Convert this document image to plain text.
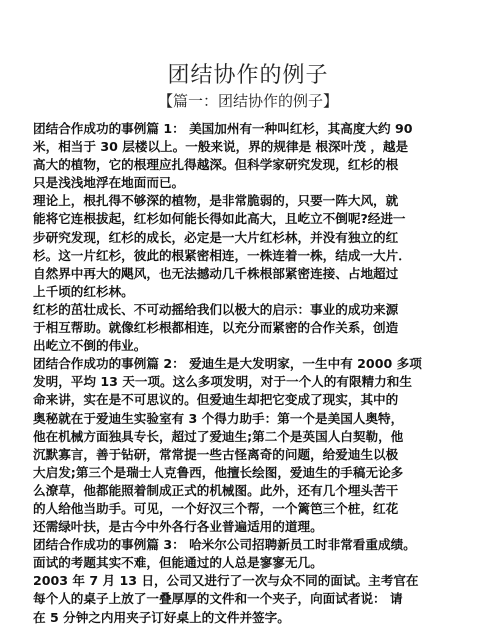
团结协作的例子
【篇一：团结协作的例子】
团结合作成功的事例篇 1： 美国加州有一种叫红杉，其高度大约 90
米，相当于 30 层楼以上。一般来说，界的规律是 根深叶茂 ，越是
高大的植物，它的根理应扎得越深。但科学家研究发现，红杉的根
只是浅浅地浮在地面而已。
理论上，根扎得不够深的植物，是非常脆弱的，只要一阵大风，就
能将它连根拔起，红杉如何能长得如此高大，且屹立不倒呢?经进一
步研究发现，红杉的成长，必定是一大片红杉林，并没有独立的红
杉。这一片红杉，彼此的根紧密相连，一株连着一株，结成一大片．
自然界中再大的飓风，也无法撼动几千株根部紧密连接、占地超过
上千顷的红杉林。
红杉的茁壮成长、不可动摇给我们以极大的启示：事业的成功来源
于相互帮助。就像红杉根都相连，以充分而紧密的合作关系，创造
出屹立不倒的伟业。
团结合作成功的事例篇 2： 爱迪生是大发明家，一生中有 2000 多项
发明，平均 13 天一项。这么多项发明，对于一个人的有限精力和生
命来讲，实在是不可思议的。但爱迪生却把它变成了现实，其中的
奥秘就在于爱迪生实验室有 3 个得力助手：第一个是美国人奥特，
他在机械方面独具专长，超过了爱迪生;第二个是英国人白契勒，他
沉默寡言，善于钻研，常常提一些古怪离奇的问题，给爱迪生以极
大启发;第三个是瑞士人克鲁西，他擅长绘图，爱迪生的手稿无论多
么潦草，他都能照着制成正式的机械图。此外，还有几个埋头苦干
的人给他当助手。可见，一个好汉三个帮，一个篱笆三个桩，红花
还需绿叶扶，是古今中外各行各业普遍适用的道理。
团结合作成功的事例篇 3： 哈米尔公司招聘新员工时非常看重成绩。
面试的考题其实不难，但能通过的人总是寥寥无几。
2003 年 7 月 13 日，公司又进行了一次与众不同的面试。主考官在
每个人的桌子上放了一叠厚厚的文件和一个夹子，向面试者说： 请
在 5 分钟之内用夹子订好桌上的文件并签字。
